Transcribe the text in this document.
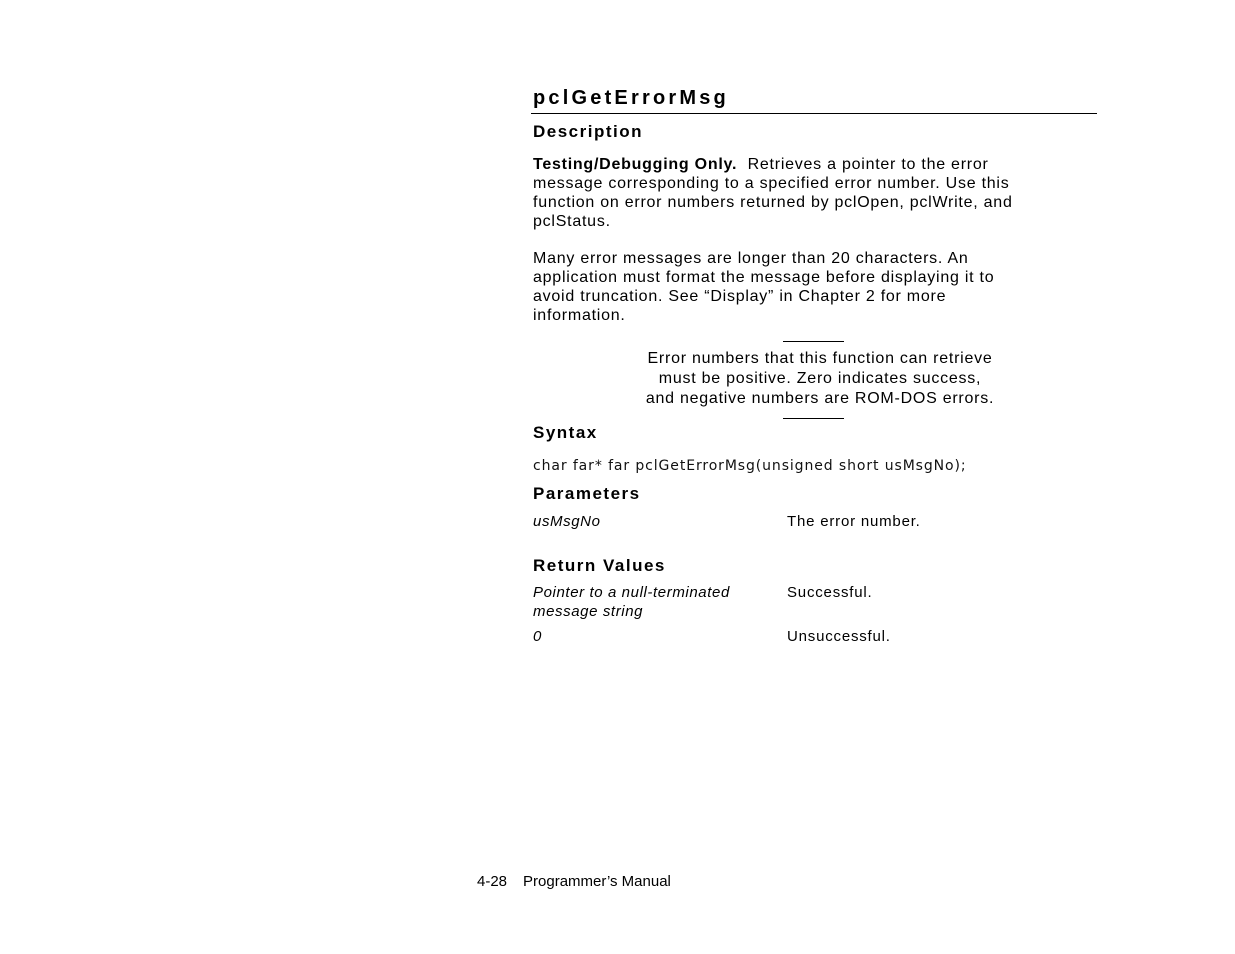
pclGetErrorMsg
Description

Testing/Debugging Only. Retrieves a pointer to the error

message corresponding to a specified error number. Use this

function on error numbers returned by pclOpen, pclWrite, and

pclStatus.

Many error messages are longer than 20 characters. An

application must format the message before displaying it to

avoid truncation. See “Display” in Chapter 2 for more

information.

Error numbers that this function can retrieve

must be positive. Zero indicates success,

and negative numbers are ROM-DOS errors.

Syntax
char far* far pclGetErrorMsg(unsigned short usMsgNo);
Parameters

usMsgNo	The error number.
Return Values

Pointer to a null-terminated

message string

Successful.

0	Unsuccessful.
4-28 Programmer’s Manual
